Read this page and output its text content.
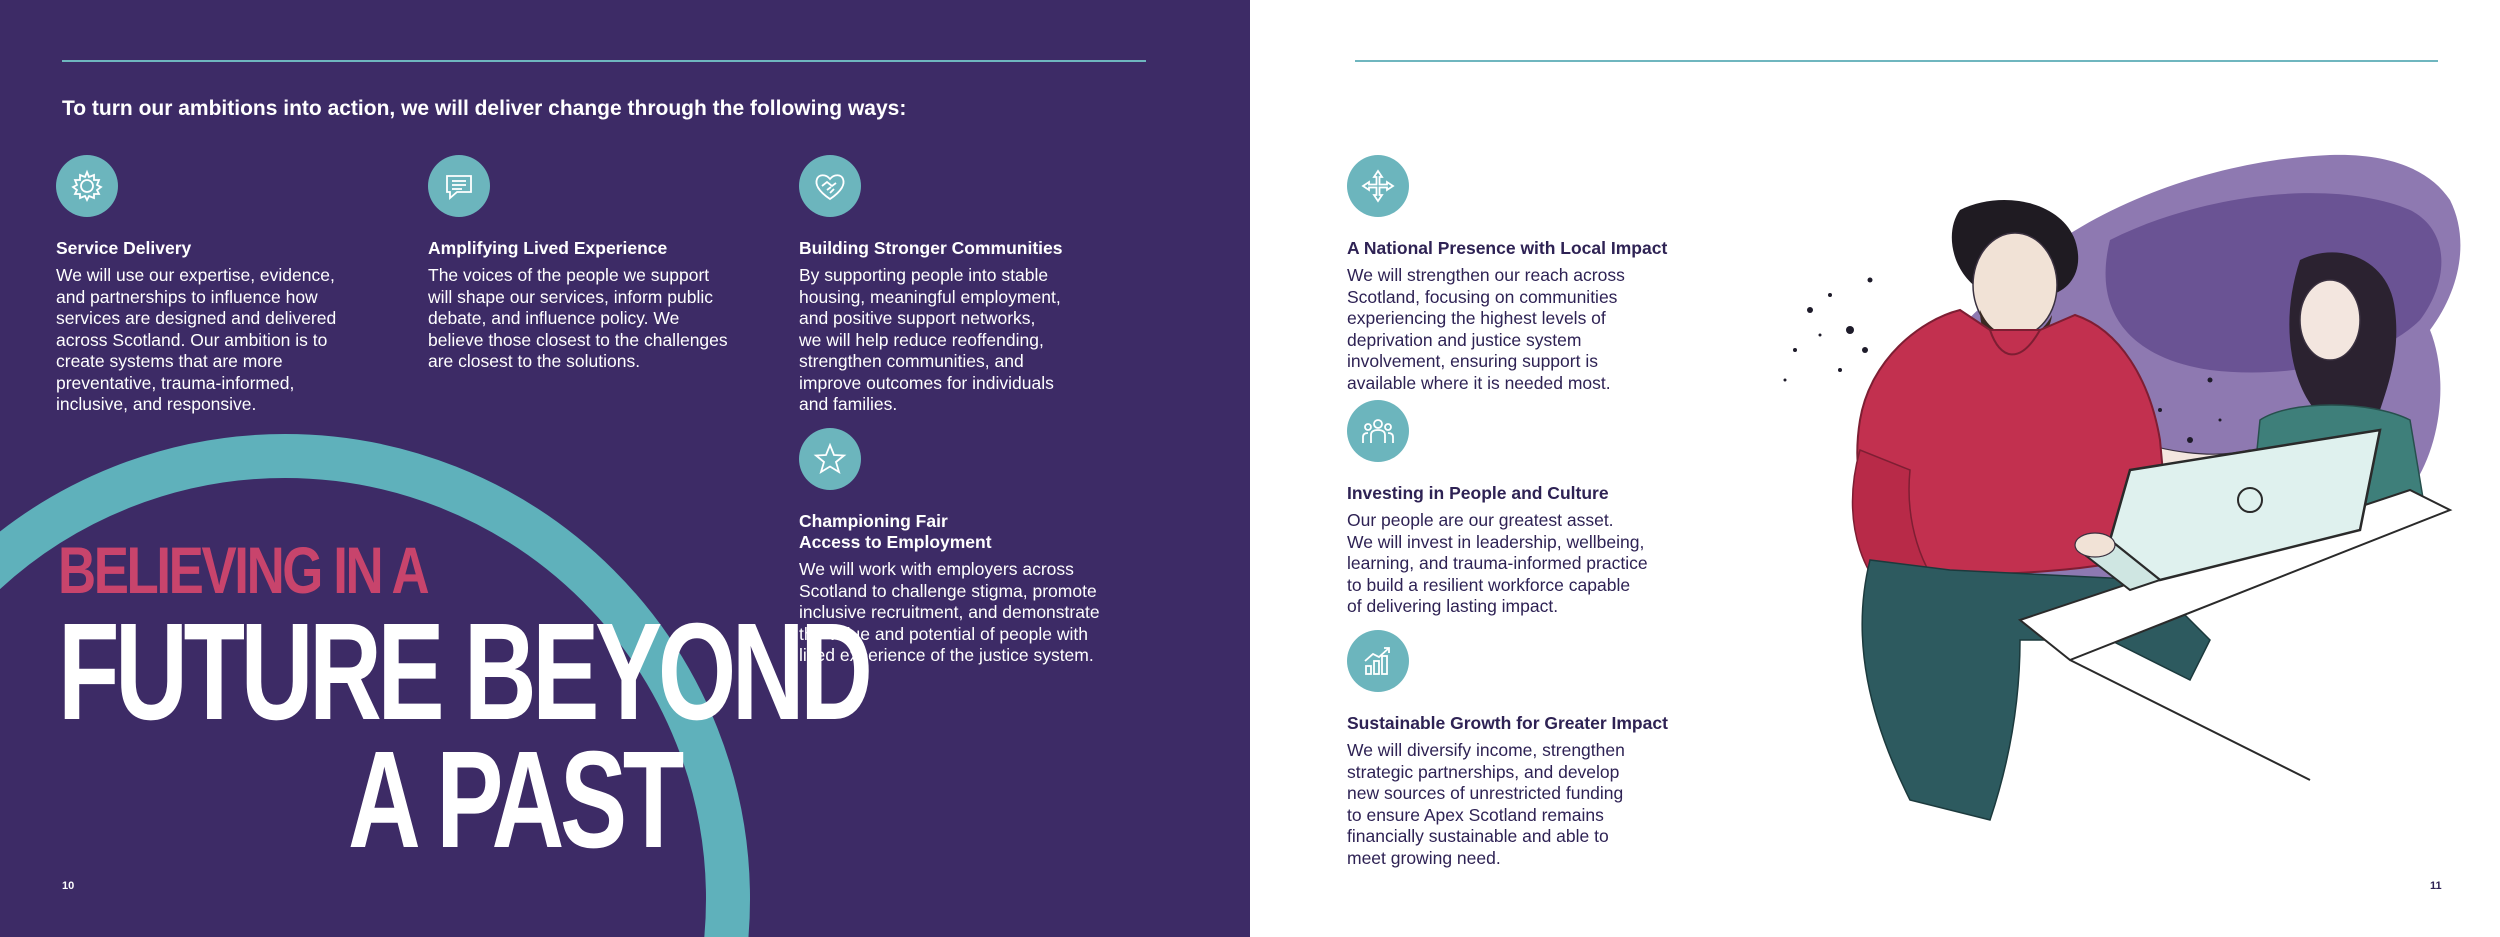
To turn our ambitions into action, we will deliver change through the following ways:
Service Delivery

We will use our expertise, evidence,
and partnerships to influence how
services are designed and delivered
across Scotland. Our ambition is to
create systems that are more
preventative, trauma-informed,
inclusive, and responsive.

Amplifying Lived Experience

The voices of the people we support
will shape our services, inform public
debate, and influence policy. We
believe those closest to the challenges
are closest to the solutions.

Building Stronger Communities

By supporting people into stable
housing, meaningful employment,
and positive support networks,
we will help reduce reoffending,
strengthen communities, and
improve outcomes for individuals
and families.

Championing Fair
Access to Employment

We will work with employers across
Scotland to challenge stigma, promote
inclusive recruitment, and demonstrate
the value and potential of people with
lived experience of the justice system.

BELIEVING IN A
FUTURE BEYOND
A PAST
10
A National Presence with Local Impact

We will strengthen our reach across
Scotland, focusing on communities
experiencing the highest levels of
deprivation and justice system
involvement, ensuring support is
available where it is needed most.

Investing in People and Culture

Our people are our greatest asset.
We will invest in leadership, wellbeing,
learning, and trauma-informed practice
to build a resilient workforce capable
of delivering lasting impact.

Sustainable Growth for Greater Impact

We will diversify income, strengthen
strategic partnerships, and develop
new sources of unrestricted funding
to ensure Apex Scotland remains
financially sustainable and able to
meet growing need.

11
